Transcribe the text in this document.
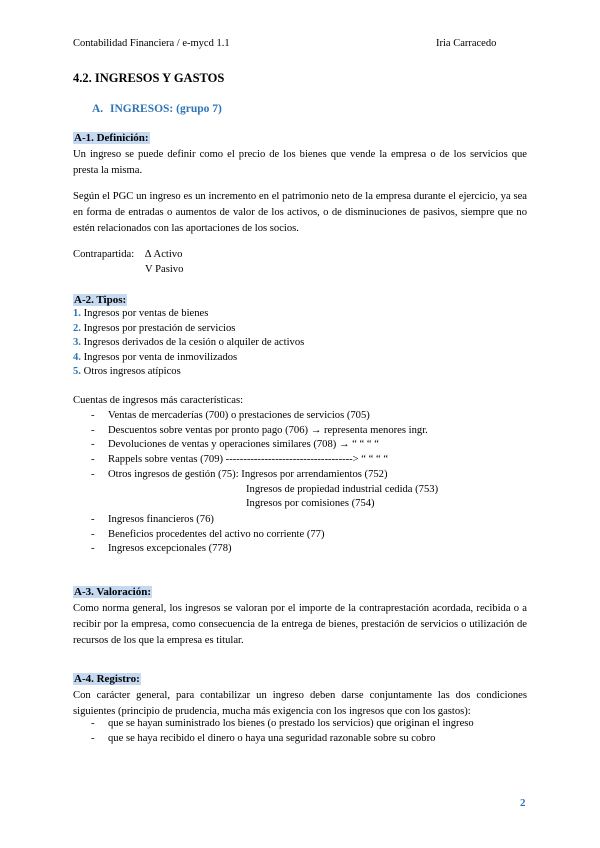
Contabilidad Financiera / e-mycd 1.1	Iria Carracedo
4.2. INGRESOS Y GASTOS
A. INGRESOS: (grupo 7)
A-1. Definición:
Un ingreso se puede definir como el precio de los bienes que vende la empresa o de los servicios que presta la misma.
Según el PGC un ingreso es un incremento en el patrimonio neto de la empresa durante el ejercicio, ya sea en forma de entradas o aumentos de valor de los activos, o de disminuciones de pasivos, siempre que no estén relacionados con las aportaciones de los socios.
Contrapartida: ∆ Activo
V Pasivo
A-2. Tipos:
1. Ingresos por ventas de bienes
2. Ingresos por prestación de servicios
3. Ingresos derivados de la cesión o alquiler de activos
4. Ingresos por venta de inmovilizados
5. Otros ingresos atípicos
Cuentas de ingresos más características:
- Ventas de mercaderías (700) o prestaciones de servicios (705)
- Descuentos sobre ventas por pronto pago (706) → representa menores ingr.
- Devoluciones de ventas y operaciones similares (708) → “ “ “ “
- Rappels sobre ventas (709) ------------------------------------> “ “ “ “
- Otros ingresos de gestión (75): Ingresos por arrendamientos (752)
Ingresos de propiedad industrial cedida (753)
Ingresos por comisiones (754)
- Ingresos financieros (76)
- Beneficios procedentes del activo no corriente (77)
- Ingresos excepcionales (778)
A-3. Valoración:
Como norma general, los ingresos se valoran por el importe de la contraprestación acordada, recibida o a recibir por la empresa, como consecuencia de la entrega de bienes, prestación de servicios o utilización de recursos de los que la empresa es titular.
A-4. Registro:
Con carácter general, para contabilizar un ingreso deben darse conjuntamente las dos condiciones siguientes (principio de prudencia, mucha más exigencia con los ingresos que con los gastos):
- que se hayan suministrado los bienes (o prestado los servicios) que originan el ingreso
- que se haya recibido el dinero o haya una seguridad razonable sobre su cobro
2
